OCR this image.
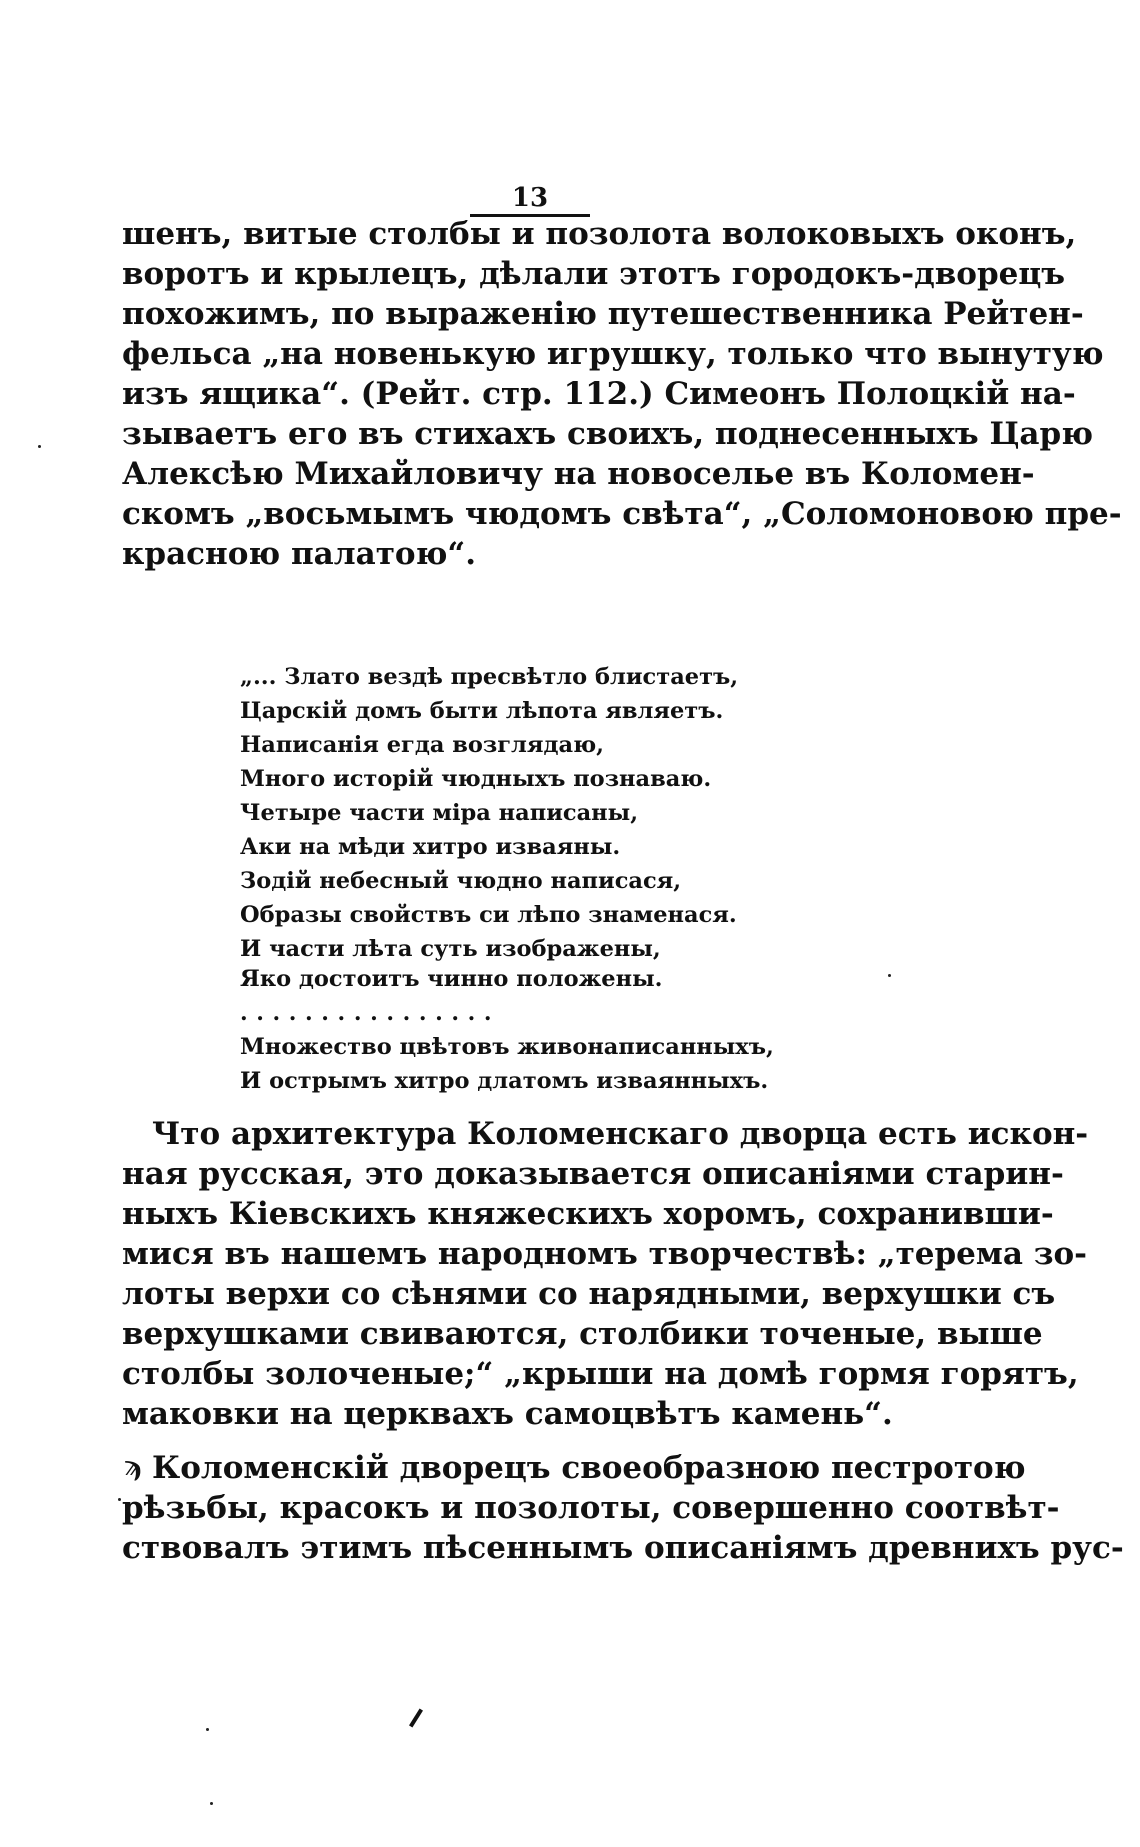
13
шенъ, витые столбы и позолота волоковыхъ оконъ,
воротъ и крылецъ, дѣлали этотъ городокъ-дворецъ
похожимъ, по выраженію путешественника Рейтен-
фельса „на новенькую игрушку, только что вынутую
изъ ящика“. (Рейт. стр. 112.) Симеонъ Полоцкій на-
зываетъ его въ стихахъ своихъ, поднесенныхъ Царю
Алексѣю Михайловичу на новоселье въ Коломен-
скомъ „восьмымъ чюдомъ свѣта“, „Соломоновою пре-
красною палатою“.
„... Злато вездѣ пресвѣтло блистаетъ,
Царскій домъ быти лѣпота являетъ.
Написанія егда возглядаю,
Много исторій чюдныхъ познаваю.
Четыре части міра написаны,
Аки на мѣди хитро изваяны.
Зодій небесный чюдно написася,
Образы свойствъ си лѣпо знаменася.
И части лѣта суть изображены,
Яко достоитъ чинно положены.
................
Множество цвѣтовъ живонаписанныхъ,
И острымъ хитро длатомъ изваянныхъ.
Что архитектура Коломенскаго дворца есть искон-
ная русская, это доказывается описаніями старин-
ныхъ Кіевскихъ княжескихъ хоромъ, сохранивши-
мися въ нашемъ народномъ творчествѣ: „терема зо-
лоты верхи со сѣнями со нарядными, верхушки съ
верхушками свиваются, столбики точеные, выше
столбы золоченые;“ „крыши на домѣ гормя горятъ,
маковки на церквахъ самоцвѣтъ камень“.
ϡ Коломенскій дворецъ своеобразною пестротою
рѣзьбы, красокъ и позолоты, совершенно соотвѣт-
ствовалъ этимъ пѣсеннымъ описаніямъ древнихъ рус-
